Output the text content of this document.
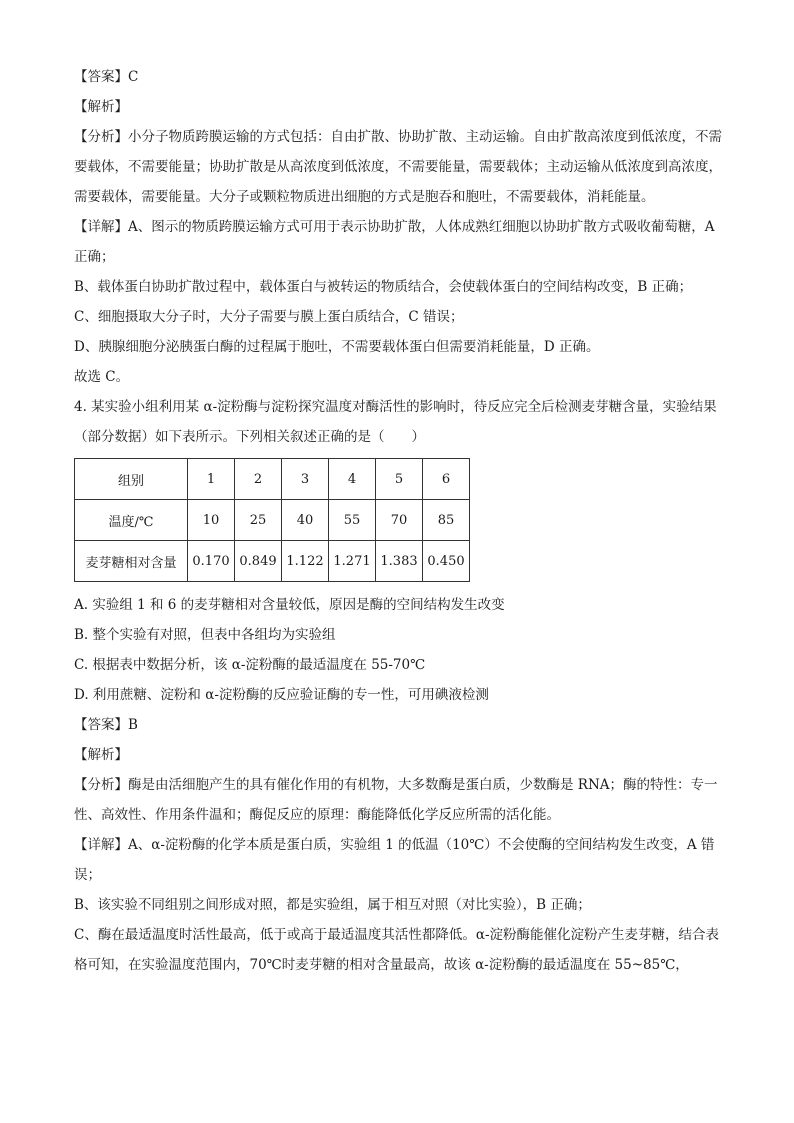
【答案】C
【解析】
【分析】小分子物质跨膜运输的方式包括：自由扩散、协助扩散、主动运输。自由扩散高浓度到低浓度，不需要载体，不需要能量；协助扩散是从高浓度到低浓度，不需要能量，需要载体；主动运输从低浓度到高浓度，需要载体，需要能量。大分子或颗粒物质进出细胞的方式是胞吞和胞吐，不需要载体，消耗能量。
【详解】A、图示的物质跨膜运输方式可用于表示协助扩散，人体成熟红细胞以协助扩散方式吸收葡萄糖，A 正确；
B、载体蛋白协助扩散过程中，载体蛋白与被转运的物质结合，会使载体蛋白的空间结构改变，B 正确；
C、细胞摄取大分子时，大分子需要与膜上蛋白质结合，C 错误；
D、胰腺细胞分泌胰蛋白酶的过程属于胞吐，不需要载体蛋白但需要消耗能量，D 正确。
故选 C。
4. 某实验小组利用某 α-淀粉酶与淀粉探究温度对酶活性的影响时，待反应完全后检测麦芽糖含量，实验结果（部分数据）如下表所示。下列相关叙述正确的是（　　）
组别	1	2	3	4	5	6
温度/℃	10	25	40	55	70	85
麦芽糖相对含量	0.170	0.849	1.122	1.271	1.383	0.450
A. 实验组 1 和 6 的麦芽糖相对含量较低，原因是酶的空间结构发生改变
B. 整个实验有对照，但表中各组均为实验组
C. 根据表中数据分析，该 α-淀粉酶的最适温度在 55-70℃
D. 利用蔗糖、淀粉和 α-淀粉酶的反应验证酶的专一性，可用碘液检测
【答案】B
【解析】
【分析】酶是由活细胞产生的具有催化作用的有机物，大多数酶是蛋白质，少数酶是 RNA；酶的特性：专一性、高效性、作用条件温和；酶促反应的原理：酶能降低化学反应所需的活化能。
【详解】A、α-淀粉酶的化学本质是蛋白质，实验组 1 的低温（10℃）不会使酶的空间结构发生改变，A 错误；
B、该实验不同组别之间形成对照，都是实验组，属于相互对照（对比实验），B 正确；
C、酶在最适温度时活性最高，低于或高于最适温度其活性都降低。α-淀粉酶能催化淀粉产生麦芽糖，结合表格可知，在实验温度范围内，70℃时麦芽糖的相对含量最高，故该 α-淀粉酶的最适温度在 55~85℃，
